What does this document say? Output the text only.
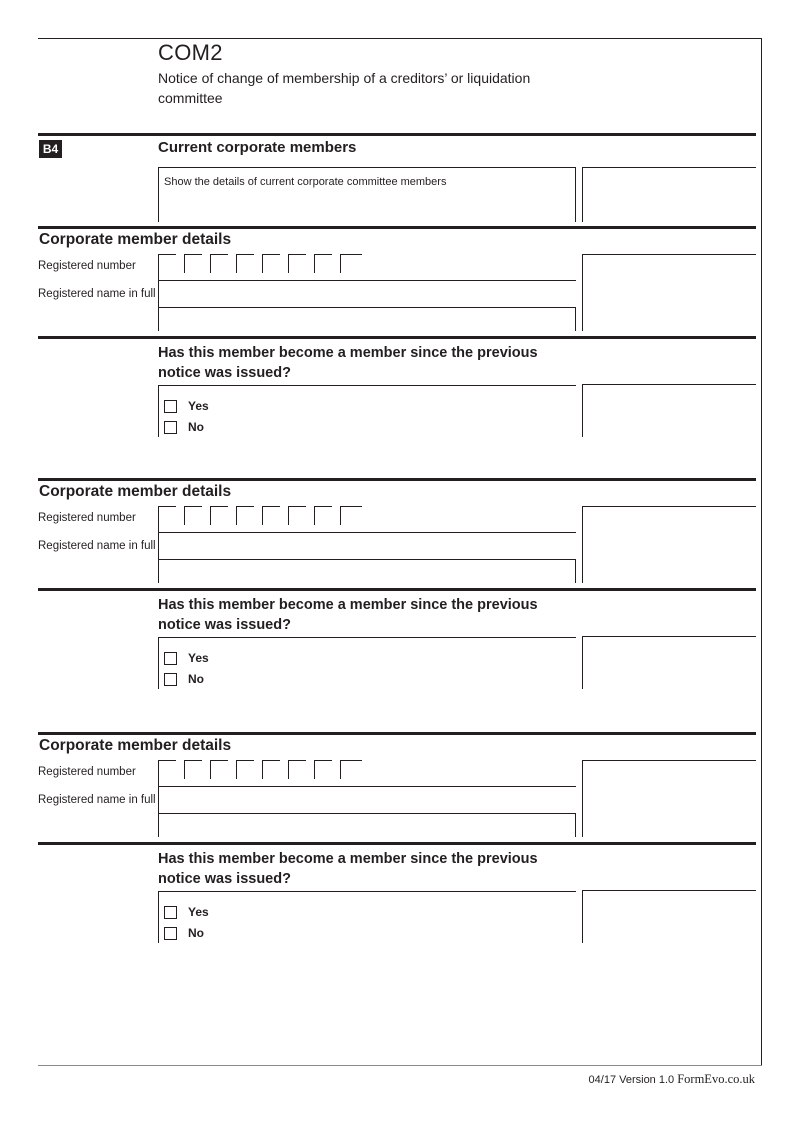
COM2
Notice of change of membership of a creditors’ or liquidation committee
B4	Current corporate members
Show the details of current corporate committee members
Corporate member details
Registered number
Registered name in full
Has this member become a member since the previous notice was issued?
Yes
No
Corporate member details
Registered number
Registered name in full
Has this member become a member since the previous notice was issued?
Yes
No
Corporate member details
Registered number
Registered name in full
Has this member become a member since the previous notice was issued?
Yes
No
04/17 Version 1.0 FormEvo.co.uk
